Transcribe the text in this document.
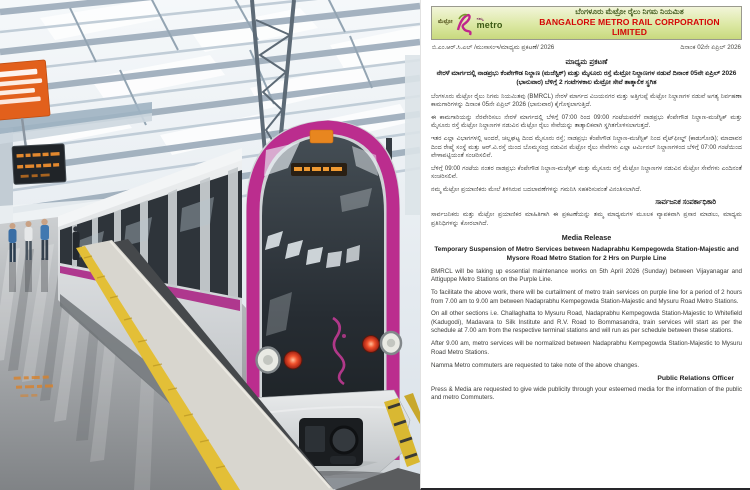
ಮೆಟ್ರೋ
ನಮ್ಮ
metro
ಬೆಂಗಳೂರು ಮೆಟ್ರೋ ರೈಲು ನಿಗಮ ನಿಯಮಿತ
BANGALORE METRO RAIL CORPORATION LIMITED
ಬಿ.ಎಂ.ಆರ್.ಸಿ.ಎಲ್ /ಮುಸಾಸಂಇ/ಮಾಧ್ಯಮ ಪ್ರಕಟಣೆ/ 2026	ದಿನಾಂಕ 02ನೇ ಏಪ್ರಿಲ್ 2026
ಮಾಧ್ಯಮ ಪ್ರಕಟಣೆ
ನೇರಳೆ ಮಾರ್ಗದಲ್ಲಿ ನಾಡಪ್ರಭು ಕೆಂಪೇಗೌಡ ನಿಲ್ದಾಣ (ಮಜೆಸ್ಟಿಕ್) ಮತ್ತು ಮೈಸೂರು ರಸ್ತೆ ಮೆಟ್ರೋ ನಿಲ್ದಾಣಗಳ ನಡುವೆ ದಿನಾಂಕ 05ನೇ ಏಪ್ರಿಲ್ 2026 (ಭಾನುವಾರ) ಬೆಳಿಗ್ಗೆ 2 ಗಂಟೆಗಳಕಾಲ ಮೆಟ್ರೋ ಸೇವೆ ತಾತ್ಕಾಲಿಕ ಸ್ಥಗಿತ
ಬೆಂಗಳೂರು ಮೆಟ್ರೋ ರೈಲು ನಿಗಮ ನಿಯಮಿತವು (BMRCL) ನೇರಳೆ ಮಾರ್ಗದ ವಿಜಯನಗರ ಮತ್ತು ಅತ್ತಿಗುಪ್ಪೆ ಮೆಟ್ರೋ ನಿಲ್ದಾಣಗಳ ನಡುವೆ ಅಗತ್ಯ ನಿರ್ವಹಣಾ ಕಾಮಗಾರಿಗಳನ್ನು ದಿನಾಂಕ 05ನೇ ಏಪ್ರಿಲ್ 2026 (ಭಾನುವಾರ) ಕೈಗೊಳ್ಳಲಾಗುತ್ತಿದೆ.
ಈ ಕಾಮಗಾರಿಯನ್ನು ನೆರವೇರಿಸಲು ನೇರಳೆ ಮಾರ್ಗದಲ್ಲಿ ಬೆಳಿಗ್ಗೆ 07:00 ರಿಂದ 09:00 ಗಂಟೆಯವರೆಗೆ ನಾಡಪ್ರಭು ಕೆಂಪೇಗೌಡ ನಿಲ್ದಾಣ-ಮಜೆಸ್ಟಿಕ್ ಮತ್ತು ಮೈಸೂರು ರಸ್ತೆ ಮೆಟ್ರೋ ನಿಲ್ದಾಣಗಳ ನಡುವಿನ ಮೆಟ್ರೋ ರೈಲು ಸೇವೆಯನ್ನು ತಾತ್ಕಾಲಿಕವಾಗಿ ಸ್ಥಗಿತಗೊಳಿಸಲಾಗುತ್ತದೆ.
ಇತರ ಎಲ್ಲಾ ವಿಭಾಗಗಳಲ್ಲಿ ಅಂದರೆ, ಚಲ್ಲಘಟ್ಟ ದಿಂದ ಮೈಸೂರು ರಸ್ತೆ; ನಾಡಪ್ರಭು ಕೆಂಪೇಗೌಡ ನಿಲ್ದಾಣ-ಮಜೆಸ್ಟಿಕ್ ನಿಂದ ವೈಟ್‌ಫೀಲ್ಡ್ (ಕಾಡುಗೋಡಿ); ಮಾದಾವರ ದಿಂದ ರೇಷ್ಮೆ ಸಂಸ್ಥೆ ಮತ್ತು ಆರ್.ವಿ.ರಸ್ತೆ ಯಿಂದ ಬೊಮ್ಮಸಂದ್ರ ನಡುವಿನ ಮೆಟ್ರೋ ರೈಲು ಸೇವೆಗಳು ಎಲ್ಲಾ ಟರ್ಮಿನಲ್ ನಿಲ್ದಾಣಗಳಿಂದ ಬೆಳಿಗ್ಗೆ 07:00 ಗಂಟೆಯಿಂದ ವೇಳಾಪಟ್ಟಿಯಂತೆ ಸಂಚರಿಸಲಿವೆ.
ಬೆಳಿಗ್ಗೆ 09:00 ಗಂಟೆಯ ನಂತರ ನಾಡಪ್ರಭು ಕೆಂಪೇಗೌಡ ನಿಲ್ದಾಣ-ಮಜೆಸ್ಟಿಕ್ ಮತ್ತು ಮೈಸೂರು ರಸ್ತೆ ಮೆಟ್ರೋ ನಿಲ್ದಾಣಗಳ ನಡುವಿನ ಮೆಟ್ರೋ ಸೇವೆಗಳು ಎಂದಿನಂತೆ ಸಂಚರಿಸಲಿವೆ.
ನಮ್ಮ ಮೆಟ್ರೋ ಪ್ರಯಾಣಿಕರು ಮೇಲೆ ತಿಳಿಸಿರುವ ಬದಲಾವಣೆಗಳನ್ನು ಗಮನಿಸಿ ಸಹಕರಿಸುವಂತೆ ವಿನಂತಿಸಲಾಗಿದೆ.
ಸಾರ್ವಜನಿಕ ಸಂಪರ್ಕಾಧಿಕಾರಿ
ಸಾರ್ವಜನಿಕರು ಮತ್ತು ಮೆಟ್ರೋ ಪ್ರಯಾಣಿಕರ ಮಾಹಿತಿಗಾಗಿ ಈ ಪ್ರಕಟಣೆಯನ್ನು ತಮ್ಮ ಮಾಧ್ಯಮಗಳ ಮೂಲಕ ವ್ಯಾಪಕವಾಗಿ ಪ್ರಸಾರ ಮಾಡಲು, ಮಾಧ್ಯಮ ಪ್ರತಿನಿಧಿಗಳನ್ನು ಕೋರಲಾಗಿದೆ.
Media Release
Temporary Suspension of Metro Services between Nadaprabhu Kempegowda Station-Majestic and Mysore Road Metro Station for 2 Hrs on Purple Line
BMRCL will be taking up essential maintenance works on 5th April 2026 (Sunday) between Vijayanagar and Attiguppe Metro Stations on the Purple Line.
To facilitate the above work, there will be curtailment of metro train services on purple line for a period of 2 hours from 7.00 am to 9.00 am between Nadaprabhu Kempegowda Station-Majestic and Mysuru Road Metro Stations.
On all other sections i.e. Challaghatta to Mysuru Road, Nadaprabhu Kempegowda Station-Majestic to Whitefield (Kadugodi), Madavara to Silk Institute and R.V. Road to Bommasandra, train services will start as per the schedule at 7.00 am from the respective terminal stations and will run as per schedule between these stations.
After 9.00 am, metro services will be normalized between Nadaprabhu Kempegowda Station-Majestic to Mysuru Road Metro Stations.
Namma Metro commuters are requested to take note of the above changes.
Public Relations Officer
Press & Media are requested to give wide publicity through your esteemed media for the information of the public and metro Commuters.
